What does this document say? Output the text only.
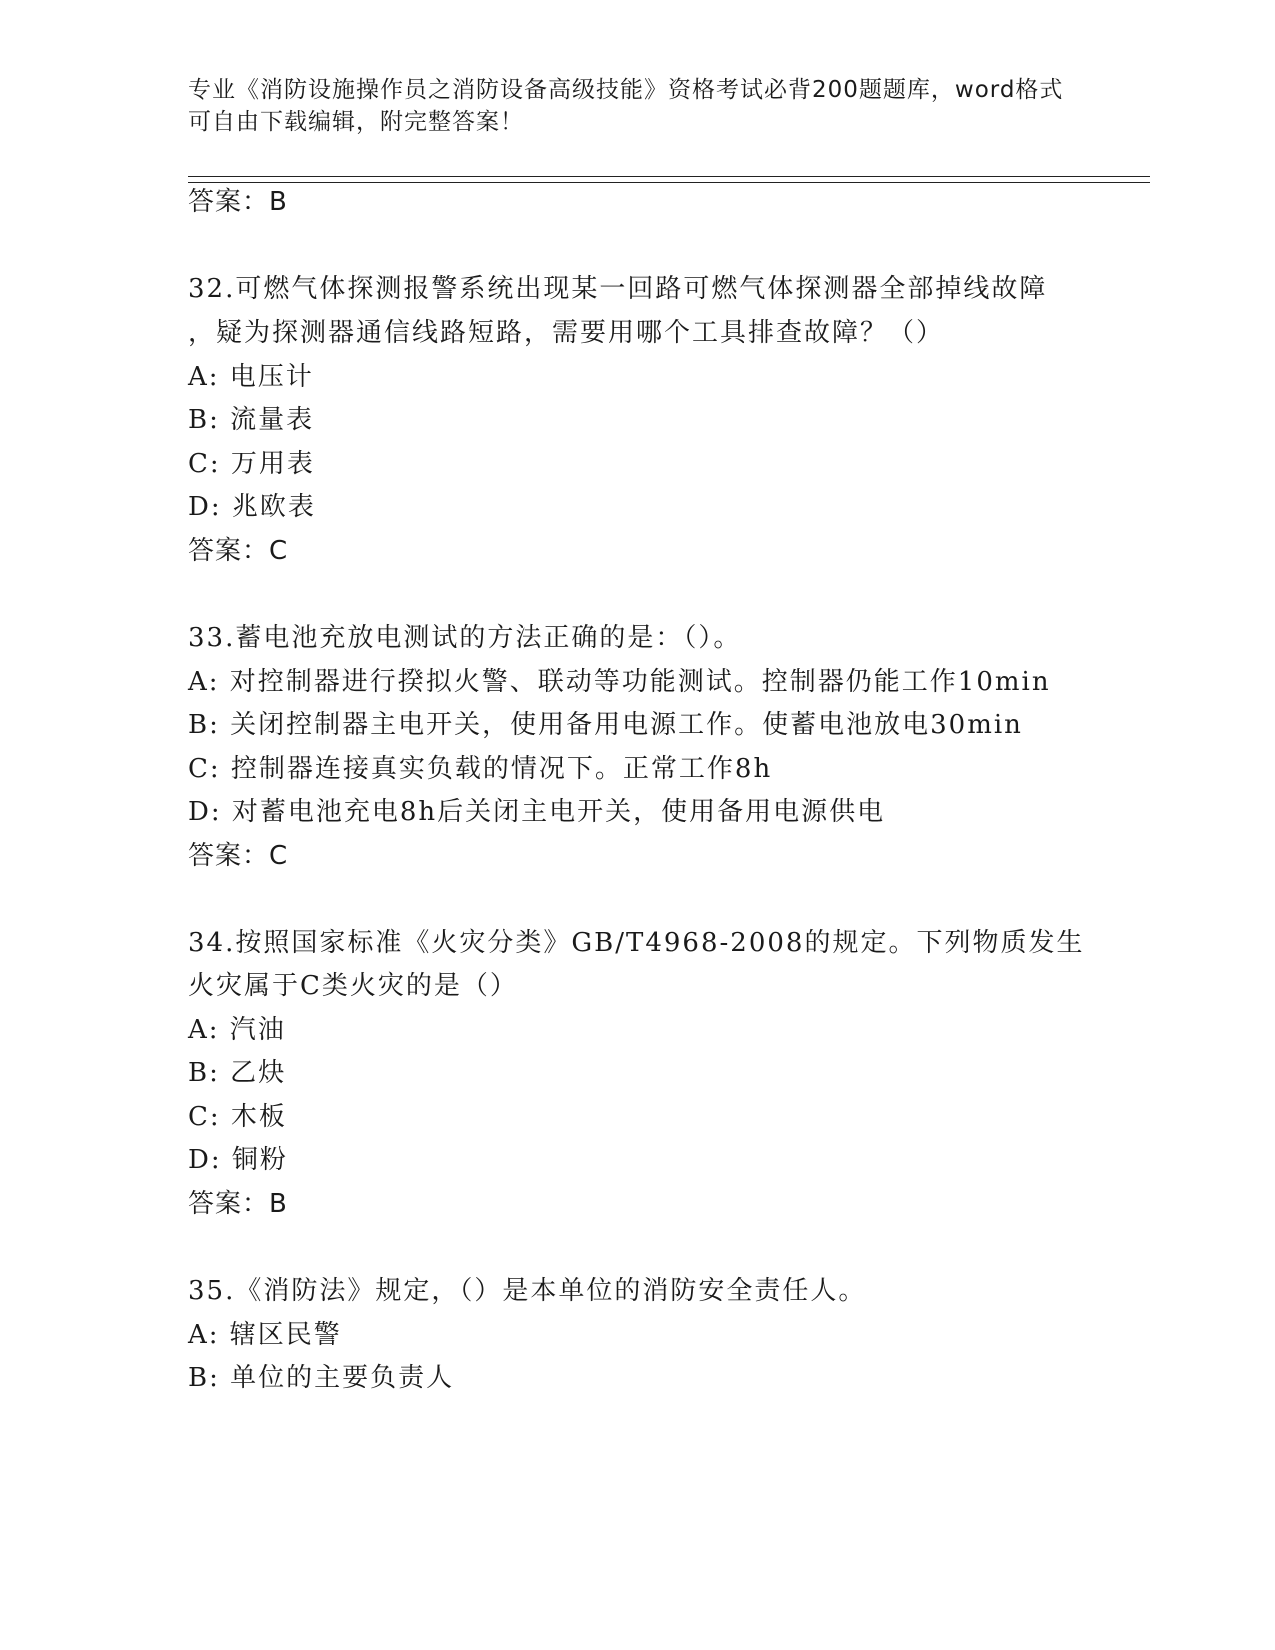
专业《消防设施操作员之消防设备高级技能》资格考试必背200题题库，word格式可自由下载编辑，附完整答案！
答案：B
32.可燃气体探测报警系统出现某一回路可燃气体探测器全部掉线故障
，疑为探测器通信线路短路，需要用哪个工具排查故障？（）
A: 电压计
B: 流量表
C: 万用表
D: 兆欧表
答案：C
33.蓄电池充放电测试的方法正确的是：（）。
A: 对控制器进行揆拟火警、联动等功能测试。控制器仍能工作10min
B: 关闭控制器主电开关，使用备用电源工作。使蓄电池放电30min
C: 控制器连接真实负载的情况下。正常工作8h
D: 对蓄电池充电8h后关闭主电开关，使用备用电源供电
答案：C
34.按照国家标准《火灾分类》GB/T4968-2008的规定。下列物质发生
火灾属于C类火灾的是（）
A: 汽油
B: 乙炔
C: 木板
D: 铜粉
答案：B
35.《消防法》规定，（）是本单位的消防安全责任人。
A: 辖区民警
B: 单位的主要负责人
